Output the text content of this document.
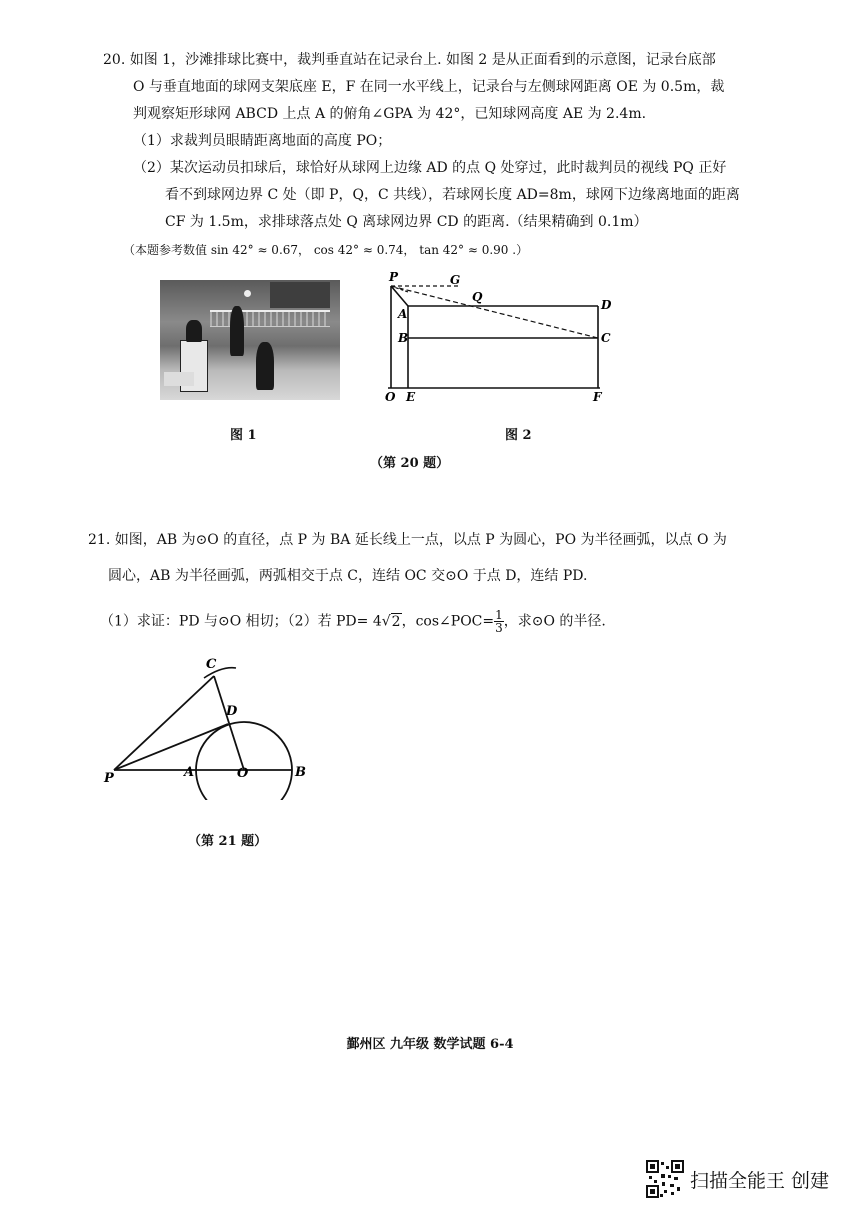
20. 如图 1，沙滩排球比赛中，裁判垂直站在记录台上. 如图 2 是从正面看到的示意图，记录台底部
O 与垂直地面的球网支架底座 E，F 在同一水平线上，记录台与左侧球网距离 OE 为 0.5m，裁
判观察矩形球网 ABCD 上点 A 的俯角∠GPA 为 42°，已知球网高度 AE 为 2.4m.
（1）求裁判员眼睛距离地面的高度 PO；
（2）某次运动员扣球后，球恰好从球网上边缘 AD 的点 Q 处穿过，此时裁判员的视线 PQ 正好
看不到球网边界 C 处（即 P，Q，C 共线），若球网长度 AD=8m，球网下边缘离地面的距离
CF 为 1.5m，求排球落点处 Q 离球网边界 CD 的距离.（结果精确到 0.1m）
（本题参考数值 sin 42° ≈ 0.67， cos 42° ≈ 0.74， tan 42° ≈ 0.90 .）
P	G
Q
D
A
B	C
O E	F
图 1	图 2
（第 20 题）
21. 如图，AB 为⊙O 的直径，点 P 为 BA 延长线上一点，以点 P 为圆心，PO 为半径画弧，以点 O 为
圆心，AB 为半径画弧，两弧相交于点 C，连结 OC 交⊙O 于点 D，连结 PD.
（1）求证：PD 与⊙O 相切；（2）若 PD= 4√2，cos∠POC= $\frac{1}{3}$ ，求⊙O 的半径.
C
D
P	A	O	B
（第 21 题）
鄞州区 九年级 数学试题 6-4
扫描全能王 创建
